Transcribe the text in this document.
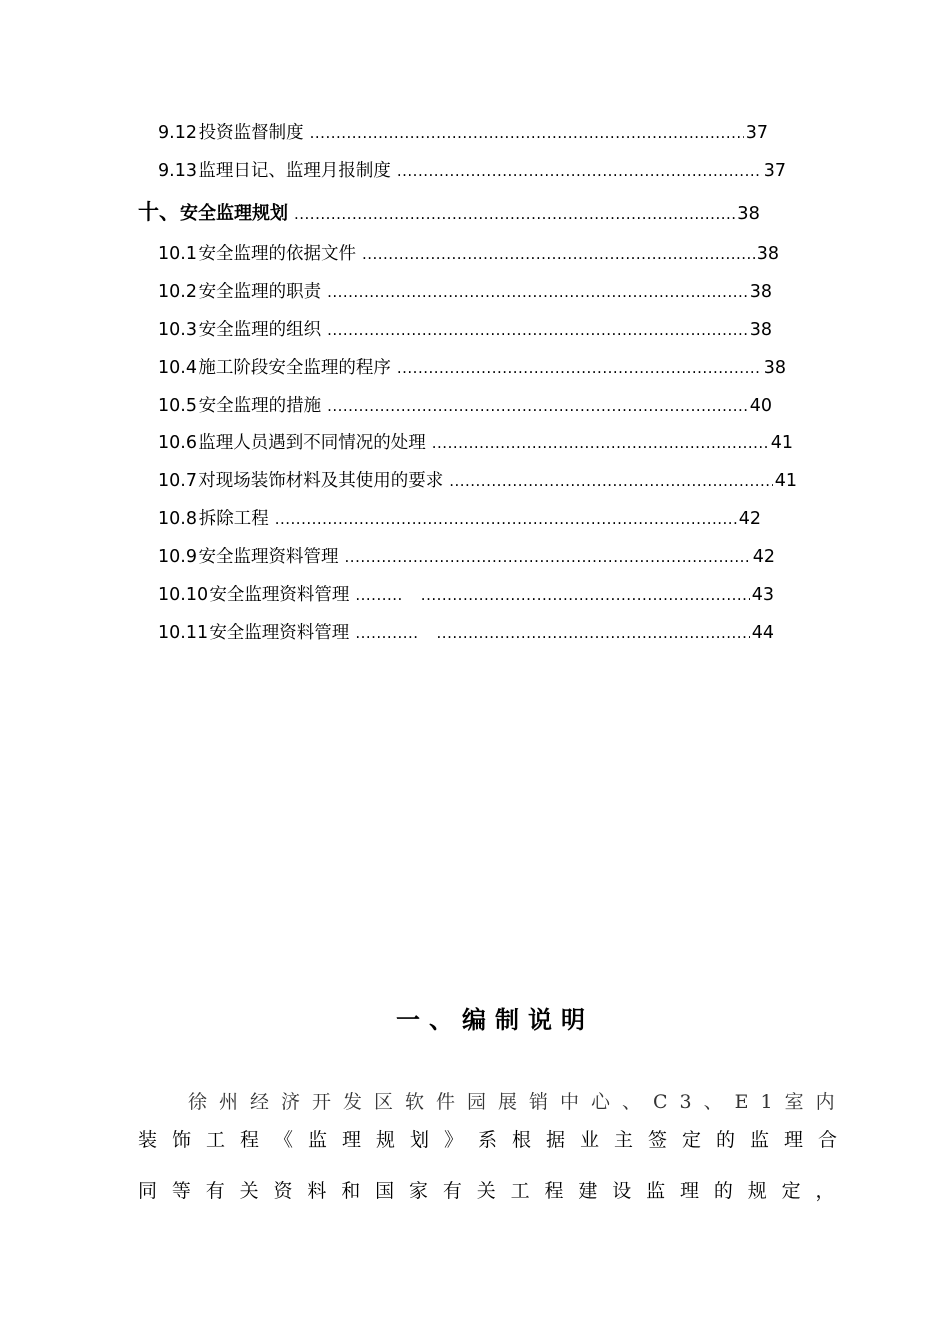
9.12 投资监督制度 .....	37
9.13 监理日记、监理月报制度 .....	37
十、 安全监理规划 .....	38
10.1 安全监理的依据文件 .....	38
10.2 安全监理的职责 .....	38
10.3 安全监理的组织 .....	38
10.4 施工阶段安全监理的程序 .....	38
10.5 安全监理的措施 .....	40
10.6 监理人员遇到不同情况的处理 .....	41
10.7 对现场装饰材料及其使用的要求 .....	41
10.8 拆除工程 .....	42
10.9 安全监理资料管理 .....	42
10.10 安全监理资料管理 ......... .....	43
10.11 安全监理资料管理 ............ .....	44
一、编制说明
徐州经济开发区软件园展销中心、C3、E1室内
装饰工程《监理规划》系根据业主签定的监理合
同等有关资料和国家有关工程建设监理的规定，
